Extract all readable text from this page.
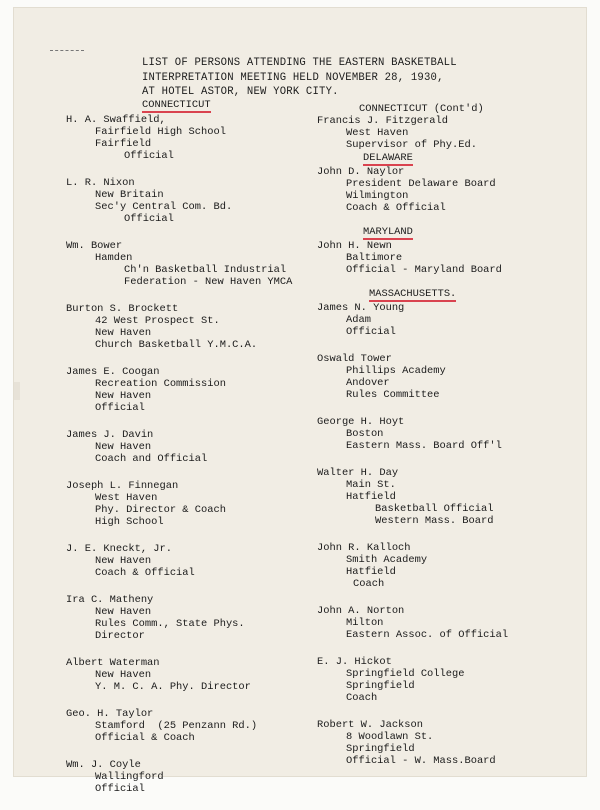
LIST OF PERSONS ATTENDING THE EASTERN BASKETBALL
INTERPRETATION MEETING HELD NOVEMBER 28, 1930,
AT HOTEL ASTOR, NEW YORK CITY.
CONNECTICUT
H. A. Swaffield,
Fairfield High School
Fairfield
Official
L. R. Nixon
New Britain
Sec'y Central Com. Bd.
Official
Wm. Bower
Hamden
Ch'n Basketball Industrial
Federation - New Haven YMCA
Burton S. Brockett
42 West Prospect St.
New Haven
Church Basketball Y.M.C.A.
James E. Coogan
Recreation Commission
New Haven
Official
James J. Davin
New Haven
Coach and Official
Joseph L. Finnegan
West Haven
Phy. Director & Coach
High School
J. E. Kneckt, Jr.
New Haven
Coach & Official
Ira C. Matheny
New Haven
Rules Comm., State Phys.
Director
Albert Waterman
New Haven
Y. M. C. A. Phy. Director
Geo. H. Taylor
Stamford  (25 Penzann Rd.)
Official & Coach
Wm. J. Coyle
Wallingford
Official
CONNECTICUT (Cont'd)
Francis J. Fitzgerald
West Haven
Supervisor of Phy.Ed.
DELAWARE
John D. Naylor
President Delaware Board
Wilmington
Coach & Official
MARYLAND
John H. Newn
Baltimore
Official - Maryland Board
MASSACHUSETTS.
James N. Young
Adam
Official
Oswald Tower
Phillips Academy
Andover
Rules Committee
George H. Hoyt
Boston
Eastern Mass. Board Off'l
Walter H. Day
Main St.
Hatfield
Basketball Official
Western Mass. Board
John R. Kalloch
Smith Academy
Hatfield
Coach
John A. Norton
Milton
Eastern Assoc. of Official
E. J. Hickot
Springfield College
Springfield
Coach
Robert W. Jackson
8 Woodlawn St.
Springfield
Official - W. Mass.Board
